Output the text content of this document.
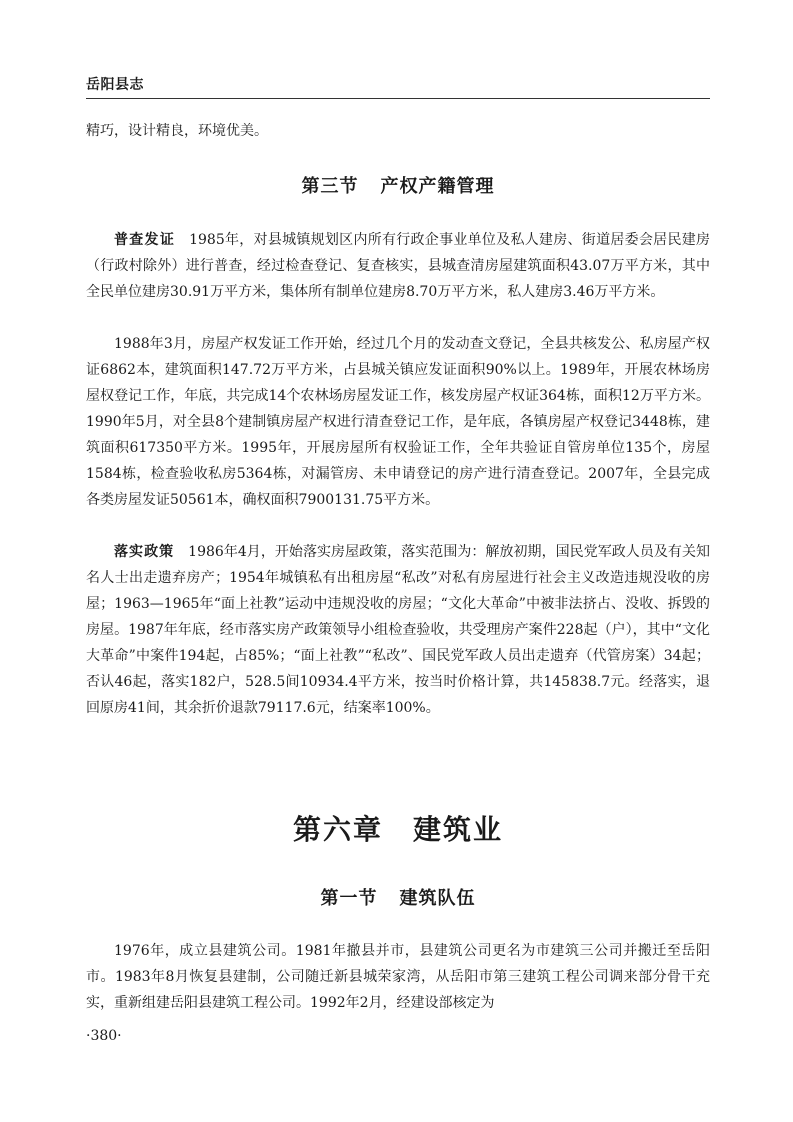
岳阳县志

精巧，设计精良，环境优美。

第三节 产权产籍管理

普查发证 1985年，对县城镇规划区内所有行政企事业单位及私人建房、街道居委会居民建房（行政村除外）进行普查，经过检查登记、复查核实，县城查清房屋建筑面积43.07万平方米，其中全民单位建房30.91万平方米，集体所有制单位建房8.70万平方米，私人建房3.46万平方米。

1988年3月，房屋产权发证工作开始，经过几个月的发动查文登记，全县共核发公、私房屋产权证6862本，建筑面积147.72万平方米，占县城关镇应发证面积90%以上。1989年，开展农林场房屋权登记工作，年底，共完成14个农林场房屋发证工作，核发房屋产权证364栋，面积12万平方米。1990年5月，对全县8个建制镇房屋产权进行清查登记工作，是年底，各镇房屋产权登记3448栋，建筑面积617350平方米。1995年，开展房屋所有权验证工作，全年共验证自管房单位135个，房屋1584栋，检查验收私房5364栋，对漏管房、未申请登记的房产进行清查登记。2007年，全县完成各类房屋发证50561本，确权面积7900131.75平方米。

落实政策 1986年4月，开始落实房屋政策，落实范围为：解放初期，国民党军政人员及有关知名人士出走遗弃房产；1954年城镇私有出租房屋“私改”对私有房屋进行社会主义改造违规没收的房屋；1963—1965年“面上社教”运动中违规没收的房屋；“文化大革命”中被非法挤占、没收、拆毁的房屋。1987年年底，经市落实房产政策领导小组检查验收，共受理房产案件228起（户），其中“文化大革命”中案件194起，占85%；“面上社教”“私改”、国民党军政人员出走遗弃（代管房案）34起；否认46起，落实182户，528.5间10934.4平方米，按当时价格计算，共145838.7元。经落实，退回原房41间，其余折价退款79117.6元，结案率100%。

第六章 建筑业
第一节 建筑队伍

1976年，成立县建筑公司。1981年撤县并市，县建筑公司更名为市建筑三公司并搬迁至岳阳市。1983年8月恢复县建制，公司随迁新县城荣家湾，从岳阳市第三建筑工程公司调来部分骨干充实，重新组建岳阳县建筑工程公司。1992年2月，经建设部核定为

·380·
